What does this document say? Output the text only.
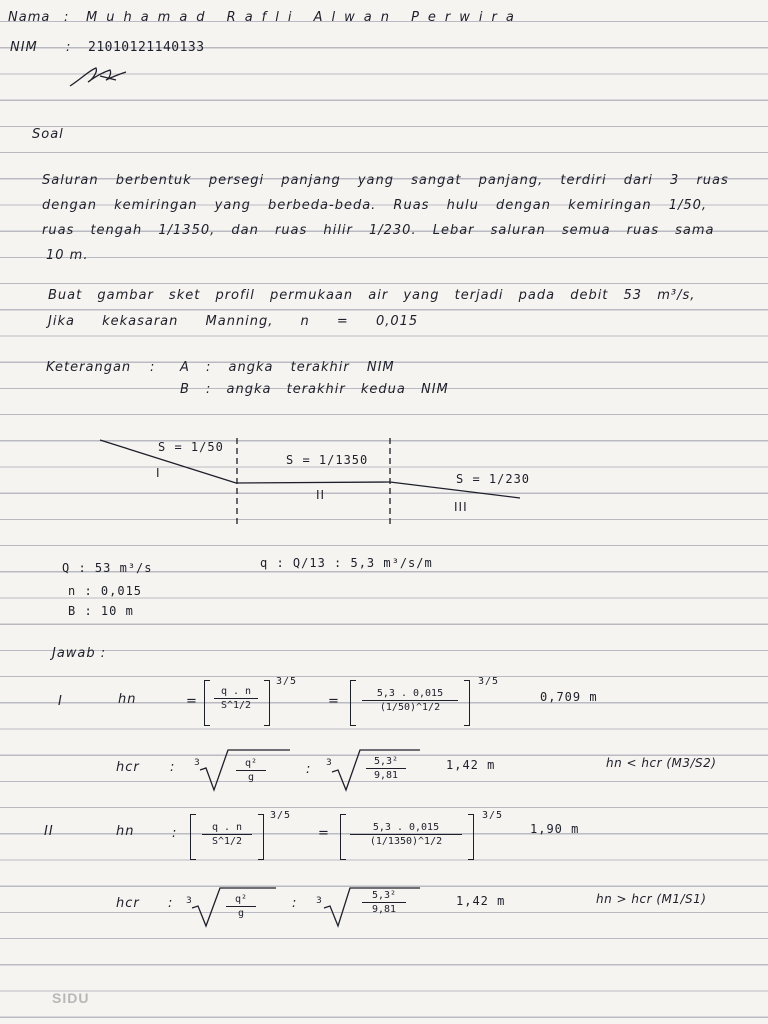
Nama : Muhamad Rafli Alwan Perwira
NIM : 21010121140133
Soal
Saluran berbentuk persegi panjang yang sangat panjang, terdiri dari 3 ruas
dengan kemiringan yang berbeda-beda. Ruas hulu dengan kemiringan 1/50,
ruas tengah 1/1350, dan ruas hilir 1/230. Lebar saluran semua ruas sama
10 m.
Buat gambar sket profil permukaan air yang terjadi pada debit 53 m³/s,
Jika kekasaran Manning, n = 0,015
Keterangan : A : angka terakhir NIM
B : angka terakhir kedua NIM
S = 1/50
S = 1/1350
S = 1/230
I
II
III
Q : 53 m³/s	q : Q/13 : 5,3 m³/s/m
n : 0,015
B : 10 m
Jawab :
I	hn	= $\frac{q . n}{S\^{}1/2}$
3/5
= $\frac{5,3 . 0,015}{(1/50)\^{}1/2}$
3/5
0,709 m
hcr : 3	$\frac{\text{q²}}{g}$	: 3	$\frac{\text{5,3²}}{9,81}$	1,42 m	hn < hcr (M3/S2)
II	hn	: $\frac{q . n}{S\^{}1/2}$
3/5
= $\frac{5,3 . 0,015}{(1/1350)\^{}1/2}$
3/5
1,90 m
hcr : 3	$\frac{\text{q²}}{g}$	: 3	$\frac{\text{5,3²}}{9,81}$	1,42 m	hn > hcr (M1/S1)
SIDU
